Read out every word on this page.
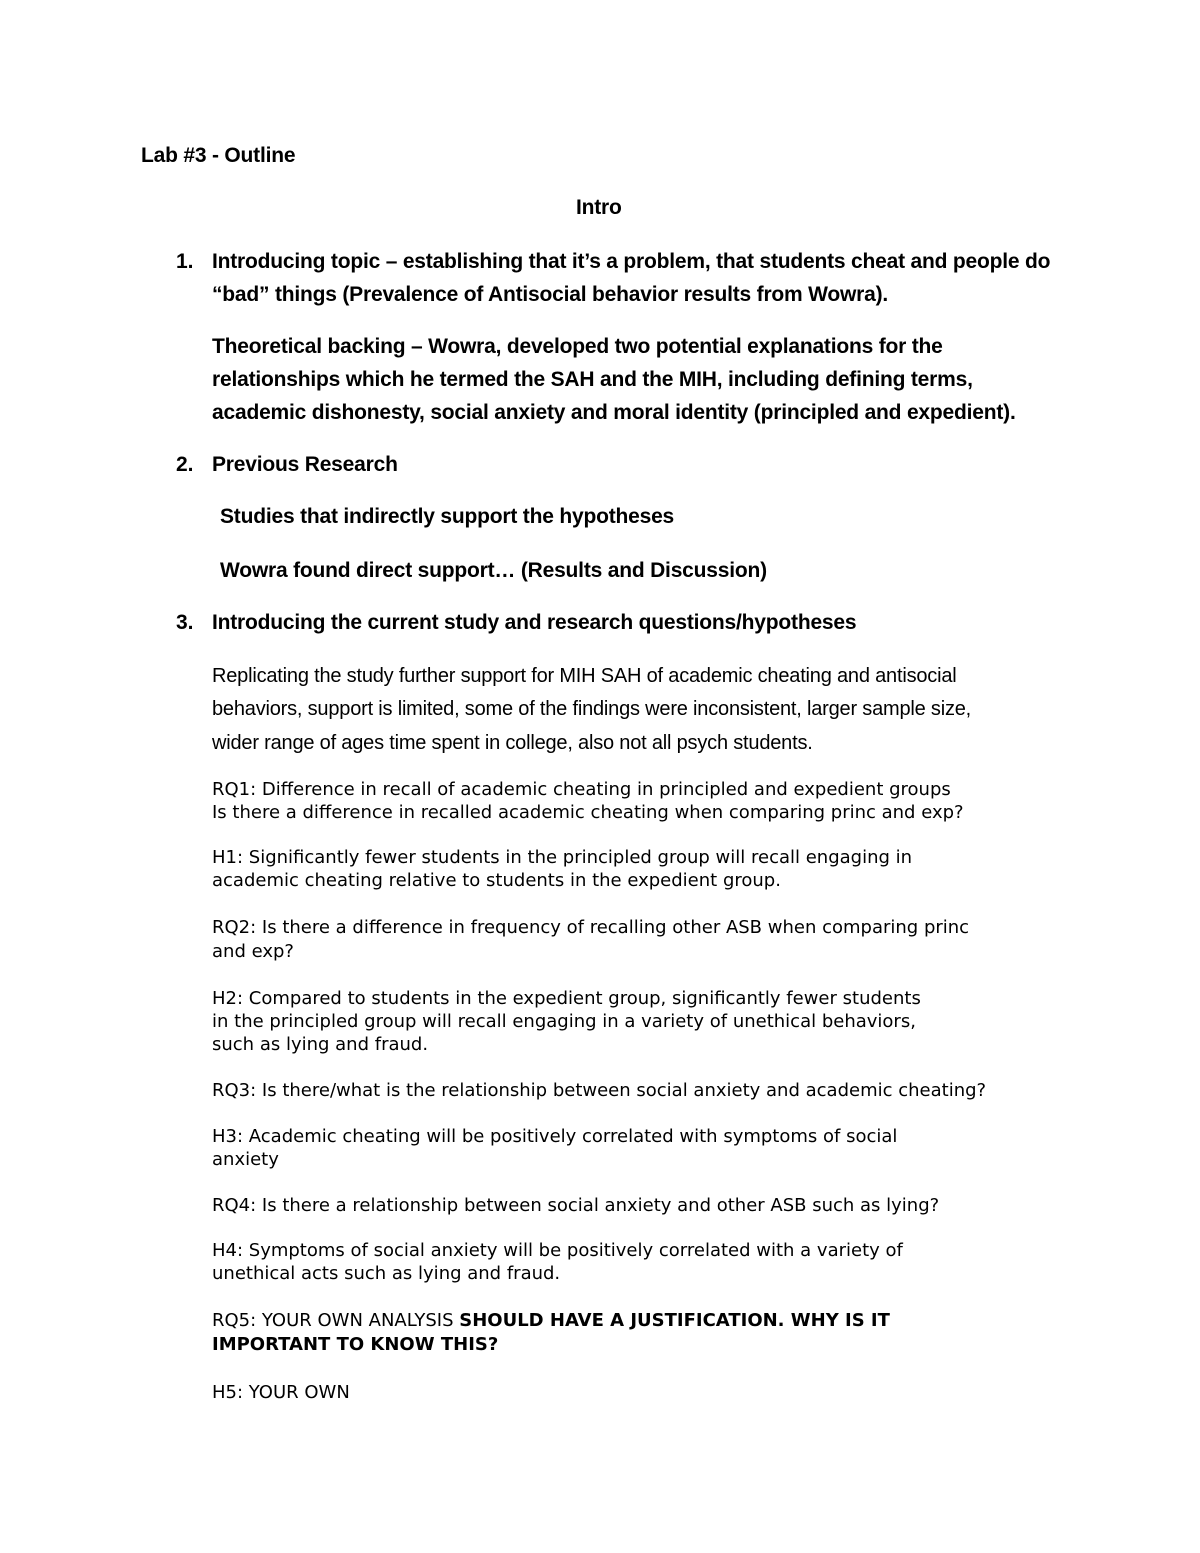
Lab #3 - Outline
Intro
1. Introducing topic – establishing that it’s a problem, that students cheat and people do
“bad” things (Prevalence of Antisocial behavior results from Wowra).
Theoretical backing – Wowra, developed two potential explanations for the
relationships which he termed the SAH and the MIH, including defining terms,
academic dishonesty, social anxiety and moral identity (principled and expedient).
2. Previous Research
Studies that indirectly support the hypotheses
Wowra found direct support… (Results and Discussion)
3. Introducing the current study and research questions/hypotheses
Replicating the study further support for MIH SAH of academic cheating and antisocial
behaviors, support is limited, some of the findings were inconsistent, larger sample size,
wider range of ages time spent in college, also not all psych students.
RQ1: Difference in recall of academic cheating in principled and expedient groups
Is there a difference in recalled academic cheating when comparing princ and exp?
H1: Significantly fewer students in the principled group will recall engaging in
academic cheating relative to students in the expedient group.
RQ2: Is there a difference in frequency of recalling other ASB when comparing princ
and exp?
H2: Compared to students in the expedient group, significantly fewer students
in the principled group will recall engaging in a variety of unethical behaviors,
such as lying and fraud.
RQ3: Is there/what is the relationship between social anxiety and academic cheating?
H3: Academic cheating will be positively correlated with symptoms of social
anxiety
RQ4: Is there a relationship between social anxiety and other ASB such as lying?
H4: Symptoms of social anxiety will be positively correlated with a variety of
unethical acts such as lying and fraud.
RQ5: YOUR OWN ANALYSIS SHOULD HAVE A JUSTIFICATION. WHY IS IT
IMPORTANT TO KNOW THIS?
H5: YOUR OWN
